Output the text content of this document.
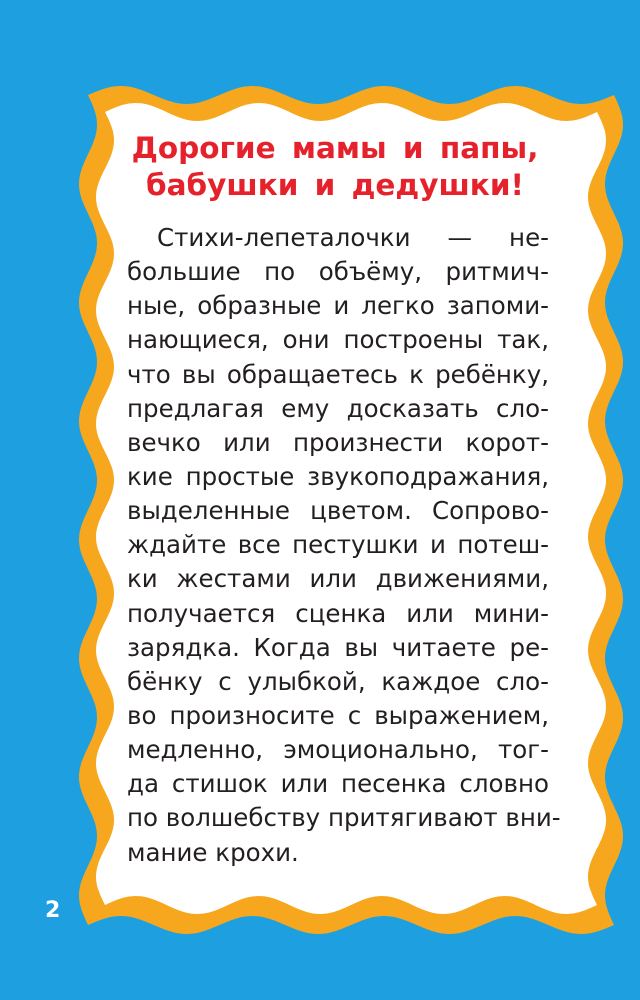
Дорогие мамы и папы,
бабушки и дедушки!
Стихи-лепеталочки — не-
большие по объёму, ритмич-
ные, образные и легко запоми-
нающиеся, они построены так,
что вы обращаетесь к ребёнку,
предлагая ему досказать сло-
вечко или произнести корот-
кие простые звукоподражания,
выделенные цветом. Сопрово-
ждайте все пестушки и потеш-
ки жестами или движениями,
получается сценка или мини-
зарядка. Когда вы читаете ре-
бёнку с улыбкой, каждое сло-
во произносите с выражением,
медленно, эмоционально, тог-
да стишок или песенка словно
по волшебству притягивают вни-
мание крохи.
2
